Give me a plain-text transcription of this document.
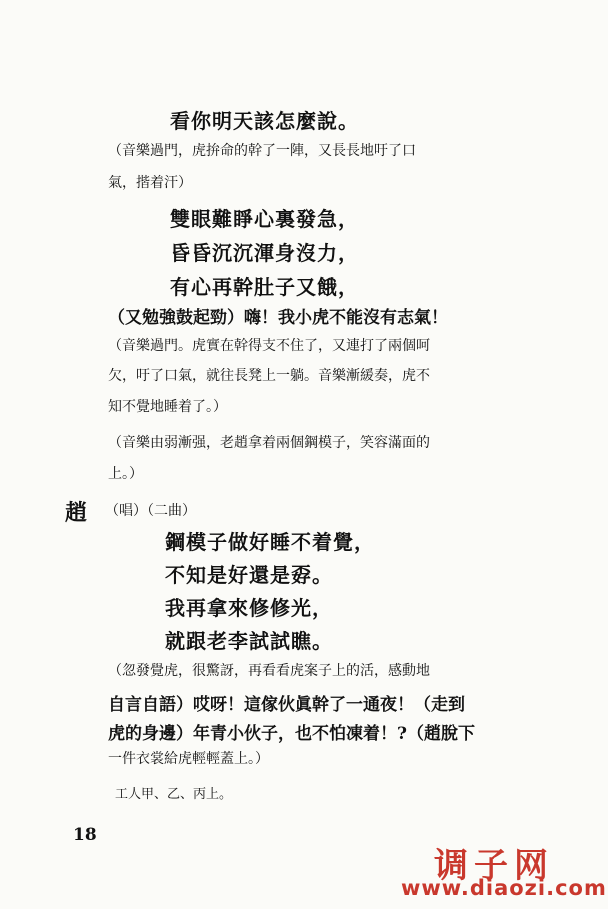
看你明天該怎麼說。
（音樂過門，虎拚命的幹了一陣，又長長地吁了口
氣，揩着汗）
雙眼難睜心裏發急，
昏昏沉沉渾身沒力，
有心再幹肚子又餓，
（又勉強鼓起勁）嗨！我小虎不能沒有志氣！
（音樂過門。虎實在幹得支不住了，又連打了兩個呵
欠，吁了口氣，就往長凳上一躺。音樂漸緩奏，虎不
知不覺地睡着了。）
（音樂由弱漸强，老趙拿着兩個鋼模子，笑容滿面的
上。）
趙 （唱）（二曲）
鋼模子做好睡不着覺，
不知是好還是孬。
我再拿來修修光，
就跟老李試試瞧。
（忽發覺虎，很驚訝，再看看虎案子上的活，感動地
自言自語）哎呀！這傢伙眞幹了一通夜！（走到
虎的身邊）年青小伙子，也不怕凍着！?（趙脫下
一件衣裳給虎輕輕蓋上。）
工人甲、乙、丙上。
18
调子网
www.diaozi.com
